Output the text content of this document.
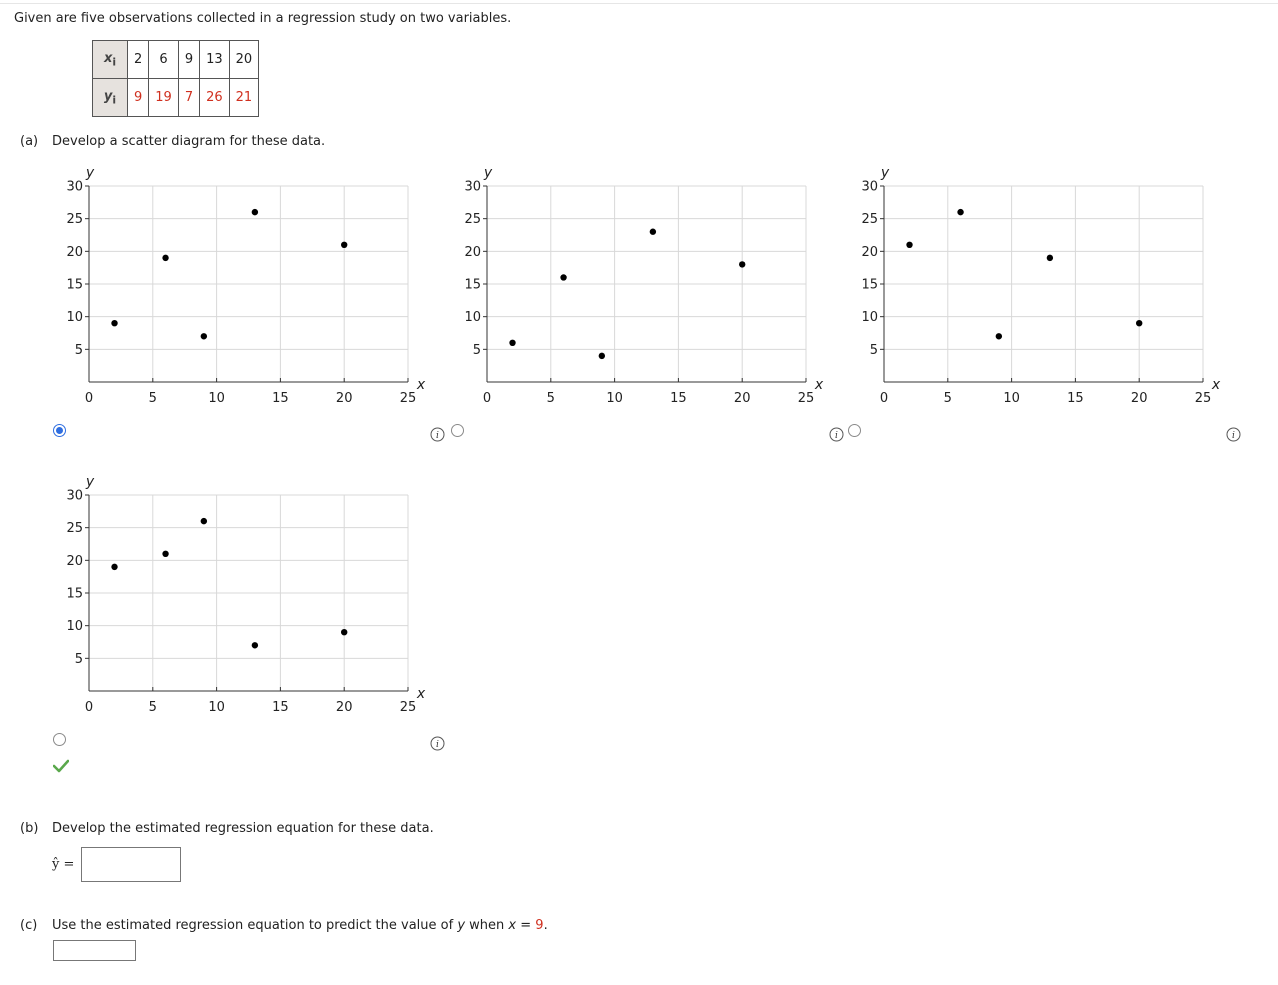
Given are five observations collected in a regression study on two variables.
$x_i$	2	6	9	13	20
$y_i$	9	19	7	26	21
(a) Develop a scatter diagram for these data.
5
10
15
20
25
30
0	5	10	15	20	25
y
x
5
10
15
20
25
30
0	5	10	15	20	25
y
x
5
10
15
20
25
30
0	5	10	15	20	25
y
x
5
10
15
20
25
30
0	5	10	15	20	25
y
x
i	i	i
i
(b) Develop the estimated regression equation for these data.
ŷ =
(c) Use the estimated regression equation to predict the value of y when x = 9.
